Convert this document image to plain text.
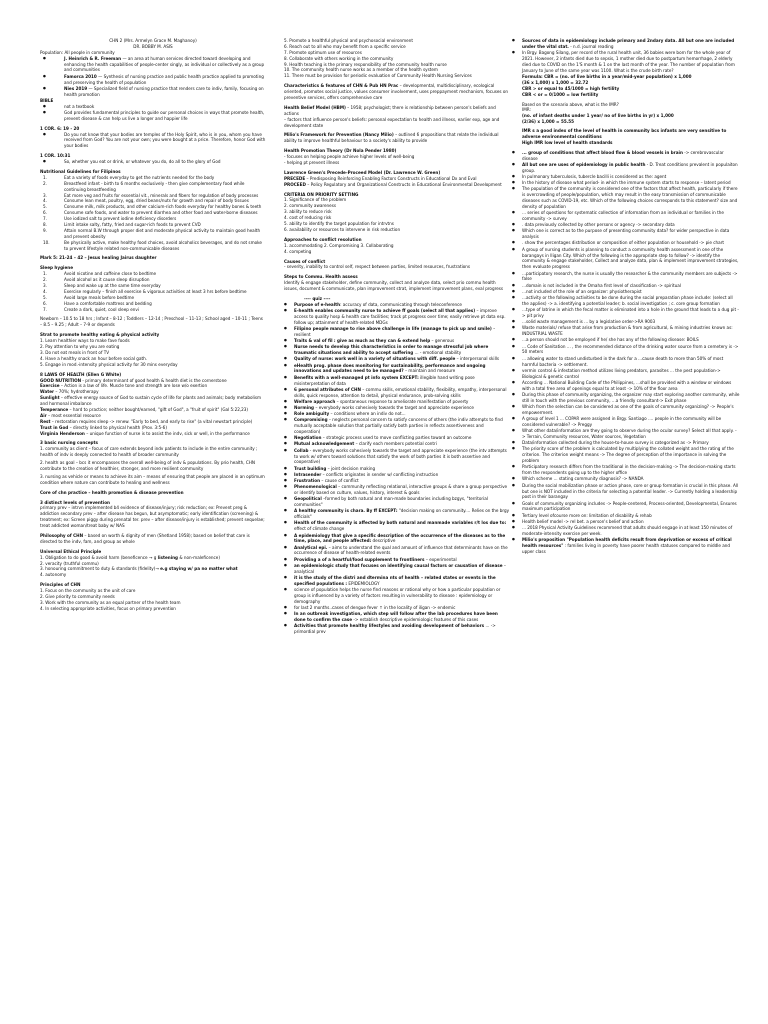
CHN 2 (Mrs. Armelyn Grace M. Maghanoy)
DR. BOBBY M. ASIS
Population: All people in community
● J. Heinrich & R. Freeman — an area at human services directed toward developing and enhancing the health capabilities of people-center singly, as individual or collectively as a group and communities
● Famorca 2010 — Synthesis of nursing practice and public health practice applied to promoting and preserving the health of population
● Nies 2019 — Specialized field of nursing practice that renders care to indiv, family, focusing on health promotion
BIBLE
● not a textbook
● God provides fundamental principles to guide our personal choices in ways that promote health, prevent disease & can help us live a longer and happier life
1 COR. 6: 19 - 20
● Do you not know that your bodies are temples of the Holy Spirit, who is in you, whom you have received from God? You are not your own; you were bought at a price. Therefore, honor God with your bodies
1 COR. 10:31
● So, whether you eat or drink, or whatever you do, do all to the glory of God
Nutritional Guidelines for Filipinos
1.	Eat a variety of foods everyday to get the nutrients needed for the body
2.	Breastfeed infant - birth to 6 months exclusively - then give complementary food while continuing breastfeeding
3.	Eat more veg and fruits for essential vit., minerals and fibers for regulation of body processes
4.	Consume lean meat, poultry, egg, dried beans/nuts for growth and repair of body tissues
5.	Consume milk, milk products, and other calcium-rich foods everyday for healthy bones & teeth
6.	Consume safe foods, and water to prevent diarrhea and other food and water-borne diseases
7.	Use iodized salt to prevent iodine deficiency disorders
8.	Limit intake salty, fatty, fried and sugar-rich foods to prevent CVD
9.	Attain normal B.W through proper diet and moderate physical activity to maintain good health and prevent obesity
10.	Be physically active, make healthy food choices, avoid alcoholics beverages, and do not smoke to prevent lifestyle related non-communicable diseases
Mark 5: 21-24 – 42 – Jesus healing Jairus daughter
Sleep hygiene
1.	Avoid nicotine and caffeine close to bedtime
2.	Avoid alcohol as it cause sleep disruption
3.	Sleep and wake up at the same time everyday
4.	Exercise regularly – finish all exercise & vigorous activities at least 3 hrs before bedtime
5.	Avoid large meals before bedtime
6.	Have a comfortable mattress and bedding
7.	Create a dark, quiet, cool sleep envi
Newborn – 10.5 to 18 hrs ; Infant – 8-12 ; Toddlers – 12-14 ; Preschool – 11-13 ; School aged – 10-11 ; Teens – 8.5 – 9.25 ; Adult – 7-9 or depends
Strat to promote healthy eating & physical activity
1. Learn healthier ways to make fave foods
2. Pay attention to why you are eating
3. Do not eat meals in front of TV
4. Have a healthy snack an hour before social gath.
5. Engage in mod.-intensity physical activity for 30 mins everyday
8 LAWS OF HEALTH (Ellen G White)
GOOD NUTRITION - primary determinant of good health & health diet is the cornerstone
Exercise – Action is a law of life. Muscle tone and strength are lose w/o exertion
Water – 70%; hydrotherapy
Sunlight – effective energy source of God to sustain cycle of life for plants and animals; body metabolism and hormonal imbalance
Temperance – hard to practice; neither bought/earned, "gift of God", a "fruit of spirit" (Gal 5:22,23)
Air – most essential resource
Rest – restoration requires sleep -> renew. "Early to bed, and early to rise" (a vital newstart principle)
Trust in God – directly linked to physical health (Prov. 3:5-6)
Virginia Henderson – unique function of nurse is to assist the indv, sick or well, in the performance
3 basic nursing concepts
1. community as client – focus of care extends beyond indv patients to include in the entire community ; health of indv is deeply connected to health of broader community
2. health as goal – bcs it encompasses the overall well-being of indv & populations. By prio health, CHN contribute to the creation of healthier, stronger, and more resilient community
3. nursing as vehicle or means to achieve its aim – means of ensuring that people are placed in an optimum condition where nature can contribute to healing and wellness
Core of chn practice – health promotion & disease prevention
3 distinct levels of prevention
primary prev – intrvn implemented b4 evidence of disease/injury; risk reduction; ex: Prevent preg & addiction secondary prev – after disease has begun, but asymptomatic; early identification (screening) & treatment; ex: Screen piggy during prenatal ter. prev – after disease/injury is established; prevent sequelae; treat addicted woman/treat baby w/ NAS
Philosophy of CHN – based on worth & dignity of men (Shetland 1958); based on belief that care is directed to the indv, fam, and group as whole
Universal Ethical Principle
1. Obligation to do good & avoid harm (beneficence → g listening & non-maleficence)
2. veracity (truthful commu)
3. honouring commitment to duty & standards (fidelity)→ e.g staying w/ pa no matter what
4. autonomy
Principles of CHN
1. Focus on the community as the unit of care
2. Give priority to community needs
3. Work with the community as an equal partner of the health team
4. In selecting appropriate activities, focus on primary prevention
5. Promote a healthful physical and psychosocial environment
6. Reach out to all who may benefit from a specific service
7. Promote optimum use of resources
8. Collaborate with others working in the community
9. Health teaching is the primary responsibility of the community health nurse
10. The community health nurse works as a member of the health system
11. There must be provision for periodic evaluation of Community Health Nursing Services
Characteristics & features of CHN & Pub HN Prac – developmental, multidisciplinary, ecological oriented, promotes social justice, values consumer involvement, uses preppayment mechanism, focuses on preventive services, offers comprehensive care
Health Belief Model (HBM) – 1958; psychologist; there is relationship between person's beliefs and actions

– factors that influence person's beliefs: personal expectation to health and illness, earlier exp, age and development state

Milio's Framework for Prevention (Nancy Milio) – outlined 6 propositions that relate the individual ability to improve healthful behaviour to a society's ability to provide
Health Promotion Theory (Dr Nola Pender 1980)
- focuses on helping people achieve higher levels of well-being
- helping pt prevent illness
Lawrence Green's Precede-Proceed Model (Dr. Lawrence W. Green)
PRECEDE – Predisposing Reinforcing Enabling Factors Constructs in Educational Dx and Eval
PROCEED – Policy Regulatory and Organizational Constructs in Educational Environmental Development
CRITERIA ON PRIORITY SETTING
1. Significance of the problem
2. community awareness
3. ability to reduce risk
4. cost of reducing risk
5. ability to identify the target population for intrvtns
6. availability or resources to intervene in risk reduction
Approaches to conflict resolution
1. accommodating 2. Compromising 3. Collaborating
4. competing
Causes of conflict
- severity, inability to control self, respect between parties, limited resources, frustrations
Steps to Commu. Health assess
Identify & engage stakeholder, define community, collect and analyze data, select prio commu health issues, document & communicate, plan improvement strat, implement improvement plans, eval progress
---- quiz ----
● Purpose of e-health: accuracy of data, communicating through teleconference
● E-health enables community nurse to achieve ff goals (select all that applies) – improve access to quality hosp & health care facilities; track pt progress over time; easily retrieve pt data esp. follow up; attainment of health-related MDGs
● Filipino people manage to rise above challenge in life (manage to pick up and smile) – resilient
● Traits & val of fil : give as much as they can & extend help – generous
● Nurse needs to develop this characteristics in order to manage stressful job where traumatic situations and ability to accept suffering ... - emotional stability
● Quality of nurse: work well in a variety of situations with diff. people – interpersonal skills
● eHealth prog. phase does monitoring for sustainability, performance and ongoing innovations and updates need to be managed? – maintain and measure
● Benefits with a well-managed pt info system EXCEPT: illegible hand writing pose misinterpretation of data
● 6 personal attributes of CHN – commu skills, emotional stability, flexibility, empathy, interpersonal skills, quick response, attention to detail, physical endurance, prob-solving skills
● Welfare approach – spontaneous response to ameliorate manifestation of poverty
● Norming – everybody works cohesively towards the target and appreciate experience
● Role ambiguity – conditions where an indiv do not...
● Compromising – neglects personal concern to satisfy concerns of others (the indiv attempts to find mutually acceptable solution that partially satisfy both parties in reflects assertiveness and cooperation)
● Negotiation – strategic process used to move conflicting parties toward an outcome
● Mutual acknowledgement – clarify each members potential contri
● Collab - everybody works cohesively towards the target and appreciate experience (the intv attempts to work w/ others toward solutions that satisfy the work of both parties it is both assertive and cooperative)
● Trust building – joint decision making
● Intrasender – conflicts originates in sender w/ conflicting instruction
● Frustration – cause of conflict
● Phenomenological – community reflecting relational, interactive groups & share a group perspective or identify based on culture, values, history, interest & goals
● Geopolitical –formed by both natural and man-made boundaries including bzgys, "territorial communities"
● A healthy community is chara. By ff EXCEPT: "decision making on community.... Relies on the brgy officials"
● Health of the community is affected by both natural and manmade variables r/t los due to: effect of climate change
● A epidemiology that give a specific description of the occurrence of the diseases as to the time, place, and people affected: descriptive
● Analytical epi. – aims to understand the qual and amount of influence that determinants have on the occurrence of disease of health-related events
● Providing a of a heartful/food supplement to frontliners – experimental
● an epidemiologic study that focuses on identifying causal factors or causation of disease – analytical
● it is the study of the distri and dtermina nts of health – related states or events in the specified populations : EPIDEMIOLOGY
● science of population helps the nurse find reasons or rational why or how a particular population or group is influenced by a variety of factors resulting in vulnerability to disease : epidemiology or demography
● for last 2 months..cases of dengue fever ↑ in the locality of iligan -> endemic
● In an outbreak investigation, which step will follow after the lab procedures have been done to confirm the case -> establish descriptive epidemiologic features of this cases
● Activities that promote healthy lifestyles and avoiding development of behaviors ... -> primordial prev
● Sources of data in epidemiology include primary and 2ndary data. All but one are included under the vital stat. - n.d. journal reading
● In Brgy. Bagong Silang, per record of the rural health unit, 36 babies were born for the whole year of 2021. However, 2 infants died due to sepsis, 1 mother died due to postpartum hemorrhage, 2 elderly died due to COVID on the 1'S month & 1 on the last month of the year. The number of population from January to June of the same year was 1100. What is the crude birth rate?
Formula: CBR = (no. of live births in a year/mid-year population) x 1,000
(36 x 1,000) x 1,000 = 32.72
CBR > or equal to 45/1000 = high fertility
CBR < or = 0/1000 = low fertility
Based on the scenario above, what is the IMR?
IMR:
(no. of infant deaths under 1 year/ no of live births in yr) x 1,000
(2/36) x 1,000 = 55.55
IMR s a good index of the level of health in community bcs infants are very sensitive to adverse environmental conditions
High IMR low level of health standards
● ... group of conditions that affect blood flow & blood vessels in brain -> cerebrovascular disease
● All but one are uses of epidemiology in public health - D. Treat conditions prevalent in populaiton group.
● In pulmonary tuberculosis, tubercle bacilli is considered as the: agent
● In the history of disease what period- in which the immune system starts to response – latent period
● The population of the community is considered one of the factors that affect health, particularly if there is overcrowding of people/population, which may result in the easy transmission of communicable diseases such as COVID-19, etc. Which of the following choices corresponds to this statement? size and density of population
● ... series of questions for systematic collection of information from an individual or families in the community -> survey
● . data previously collected by other persons or agency -> secondary data
● Which one is correct as to the purpose of presenting community data? for wider perspective in data analysis
● . show the percentages distribution or composition of either population or household -> pie chart
● A group of nursing students is planning to conduct a community health assessment in one of the barangays in Iligan City. Which of the following is the appropriate step to follow? -> identify the community & engage stakeholder, Collect and analyze data, plan & implement improvement strategies, then evaluate progress
● ...participatory research, the nurse is usually the researcher & the community members are subjects -> false
● ...domain is not included in the Omaha first level of classification -> spiritual
● ...not included of the role of an organizer: physiotherapist
● ...activity or the following activities to be done during the social preparation phase include: (select all the applies) -> a. identifying a potential leader; b. social investigation ; c. core group formation
● ...type of latrine in which the fecal matter is eliminated into a hole in the ground that leads to a dug pit -> pit privy
● ...solid waste management is ... by a legislative order->RA 9003
● Waste materials/ refuse that arise from production & from agricultural, & mining industries known as: INDUSTRIAL WASTE
● ...a person should not be employed if he/ she has any of the following disease: BOILS
● ... Code of Sanitation ... , the recommended distance of the drinking water source from a cemetery is -> 50 meters
● ... allowing water to stand undisturbed in the dark for a ...cause death to more than 50% of most harmful bacteria -> settlement.
● vermin control & infestation method utilizes living predators, parasites ... the pest population-> Biological & genetic control
● According ... National Building Code of the Philippines, ...shall be provided with a window or windows with a total free area of openings equal to at least -> 10% of the floor area
● During this phase of community organizing, the organizer may start exploring another community, while still in touch with the previous community, ...a friendly consultant-> Exit phase
● Which from the selection can be considered as one of the goals of community organizing? -> People's empowerment.
● A group of level 1 ... COPAR were assigned in Brgy. Santiago .... people in the community will be considered vulnerable? -> Preggy
● What other data/information are they going to observe during the ocular survey? Select all that apply. -> Terrain, Community resources, Water sources, Vegetation
● Data/information collected during the house-to-house survey is categorized as -> Primary
● The priority score of the problem is calculated by multiplying the collated weight and the rating of the criterion. The criterion weight means -> The degree of perception of the importance in solving the problem
● Participatory research differs from the traditional in the decision-making -> The decision-making starts from the respondents going up to the higher office
● Which scheme ... stating community diagnosis? -> NANDA
● During the social mobilization phase or action phase, core or group formation is crucial in this phase. All but one is NOT included in the criteria for selecting a potential leader. -> Currently holding a leadership post in their barangay
● Goals of community organizing includes -> People-centered, Process-oriented, Developmental, Ensures maximum participation
● Tertiary level ofcourse more on: limitation of disability & rehab
● Health belief model -> rel bet. a person's belief and action
● ... 2018 Physical Activity Guidelines recommend that adults should engage in at least 150 minutes of moderate-intensity exercise per week.
● Milio's proposition "Population health deficits result from deprivation or excess of critical health resources" : families living in poverty have poorer health statuses compared to middle and upper class
